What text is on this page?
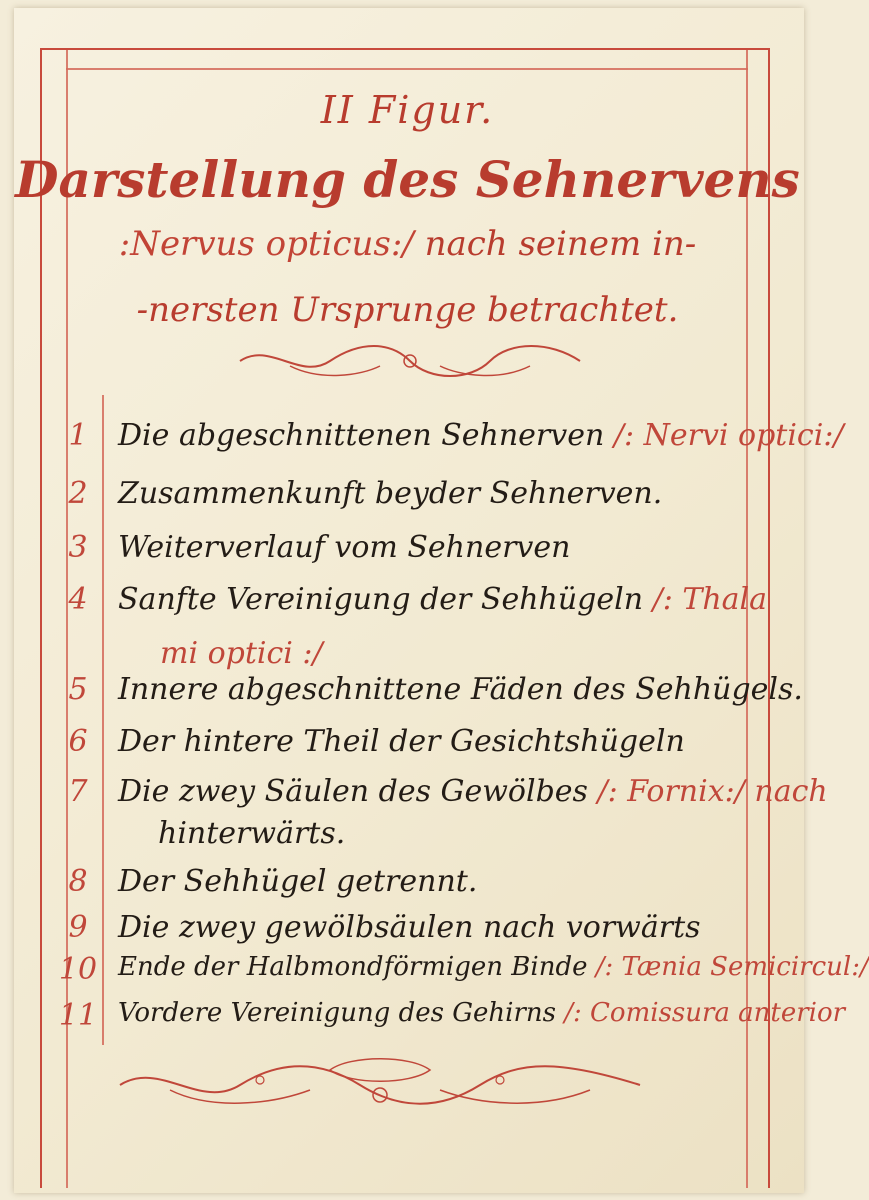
II Figur.
Darstellung des Sehnervens
:Nervus opticus:/ nach seinem in-
-nersten Ursprunge betrachtet.
1	Die abgeschnittenen Sehnerven /: Nervi optici:/
2	Zusammenkunft beyder Sehnerven.
3	Weiterverlauf vom Sehnerven
4	Sanfte Vereinigung der Sehhügeln /: Thala
mi optici :/
5	Innere abgeschnittene Fäden des Sehhügels.
6	Der hintere Theil der Gesichtshügeln
7	Die zwey Säulen des Gewölbes /: Fornix:/ nach
hinterwärts.
8	Der Sehhügel getrennt.
9	Die zwey gewölbsäulen nach vorwärts
10 Ende der Halbmondförmigen Binde /: Tænia Semicircul:/
11 Vordere Vereinigung des Gehirns /: Comissura anterior
